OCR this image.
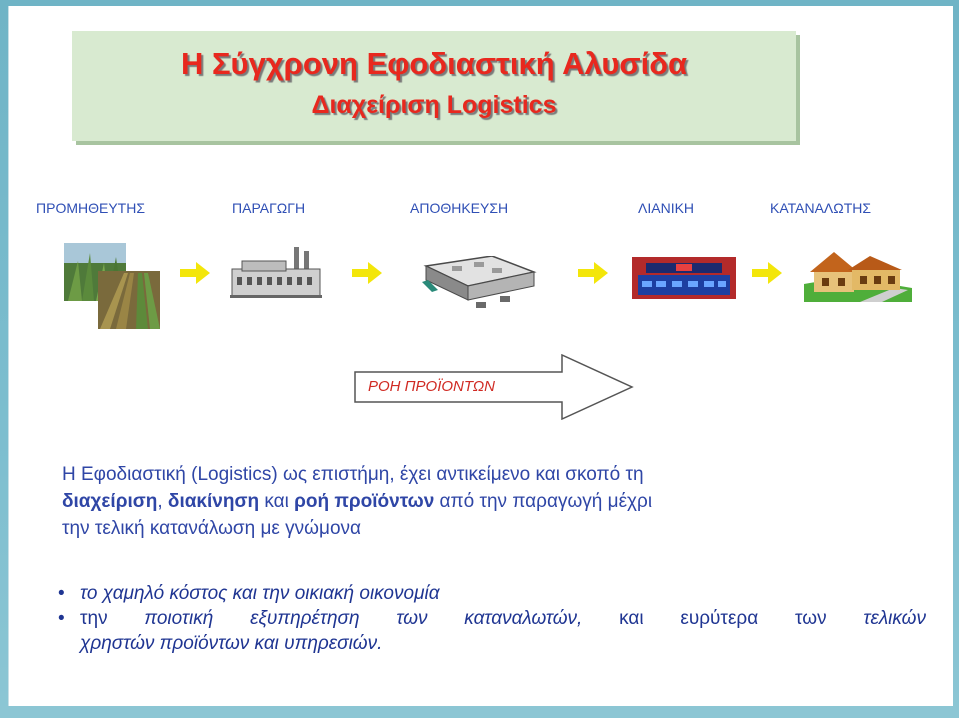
Η Σύγχρονη Εφοδιαστική Αλυσίδα
Διαχείριση Logistics
ΠΡΟΜΗΘΕΥΤΗΣ	ΠΑΡΑΓΩΓΗ	ΑΠΟΘΗΚΕΥΣΗ	ΛΙΑΝΙΚΗ	ΚΑΤΑΝΑΛΩΤΗΣ
ΡΟΗ ΠΡΟΪΟΝΤΩΝ
Η Εφοδιαστική (Logistics) ως επιστήμη, έχει αντικείμενο και σκοπό τη
διαχείριση, διακίνηση και ροή προϊόντων από την παραγωγή μέχρι
την τελική κατανάλωση με γνώμονα
• το χαμηλό κόστος και την οικιακή οικονομία
• την ποιοτική εξυπηρέτηση των καταναλωτών, και ευρύτερα των τελικών
χρηστών προϊόντων και υπηρεσιών.
